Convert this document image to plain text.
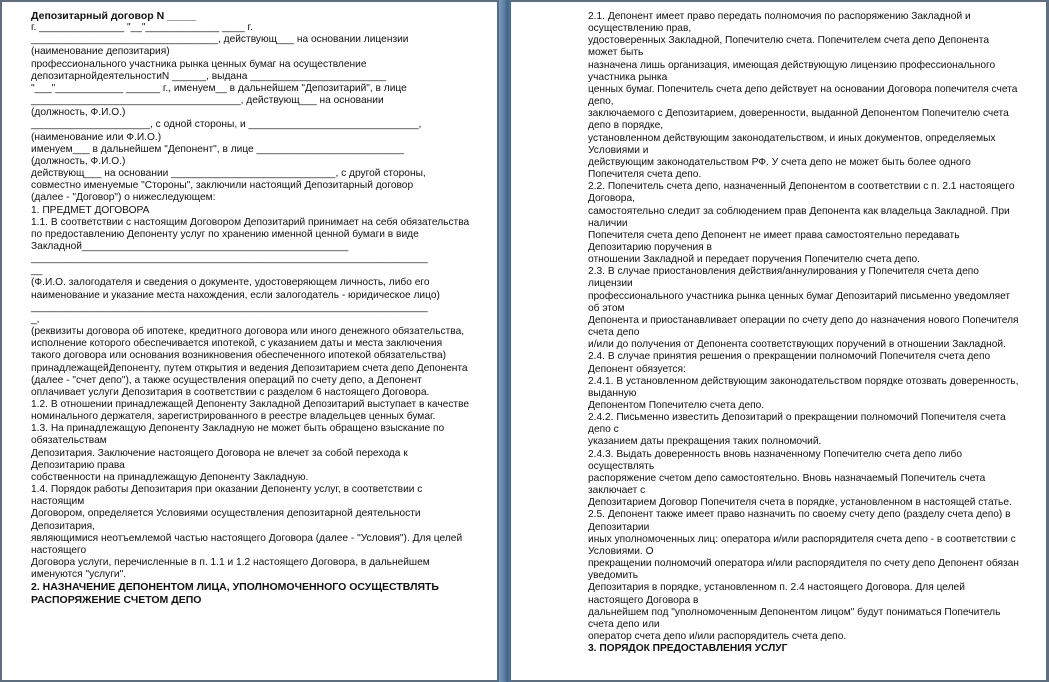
Депозитарный договор N _____

г. _______________ "__"_____________ ____ г.

_________________________________, действующ___ на основании лицензии

(наименование депозитария)

профессионального участника рынка ценных бумаг на осуществление

депозитарнойдеятельностиN ______, выдана ________________________

"___"____________ ______ г., именуем__ в дальнейшем "Депозитарий", в лице

_____________________________________, действующ___ на основании

(должность, Ф.И.О.)

_____________________, с одной стороны, и ______________________________,

(наименование или Ф.И.О.)

именуем___ в дальнейшем "Депонент", в лице __________________________

(должность, Ф.И.О.)

действующ___ на основании _____________________________, с другой стороны,

совместно именуемые "Стороны", заключили настоящий Депозитарный договор

(далее - "Договор") о нижеследующем:

1. ПРЕДМЕТ ДОГОВОРА

1.1. В соответствии с настоящим Договором Депозитарий принимает на себя обязательства по предоставлению Депоненту услуг по хранению именной ценной бумаги в виде Закладной_______________________________________________

______________________________________________________________________

__

(Ф.И.О. залогодателя и сведения о документе, удостоверяющем личность, либо его наименование и указание места нахождения, если залогодатель - юридическое лицо)

______________________________________________________________________

_,

(реквизиты договора об ипотеке, кредитного договора или иного денежного обязательства, исполнение которого обеспечивается ипотекой, с указанием даты и места заключения такого договора или основания возникновения обеспеченного ипотекой обязательства)

принадлежащейДепоненту, путем открытия и ведения Депозитарием счета депо Депонента (далее - "счет депо"), а также осуществления операций по счету депо, а Депонент оплачивает услуги Депозитария в соответствии с разделом 6 настоящего Договора.

1.2. В отношении принадлежащей Депоненту Закладной Депозитарий выступает в качестве

номинального держателя, зарегистрированного в реестре владельцев ценных бумаг.

1.3. На принадлежащую Депоненту Закладную не может быть обращено взыскание по обязательствам

Депозитария. Заключение настоящего Договора не влечет за собой перехода к Депозитарию права

собственности на принадлежащую Депоненту Закладную.

1.4. Порядок работы Депозитария при оказании Депоненту услуг, в соответствии с настоящим

Договором, определяется Условиями осуществления депозитарной деятельности Депозитария,

являющимися неотъемлемой частью настоящего Договора (далее - "Условия"). Для целей настоящего

Договора услуги, перечисленные в п. 1.1 и 1.2 настоящего Договора, в дальнейшем именуются "услуги".

2. НАЗНАЧЕНИЕ ДЕПОНЕНТОМ ЛИЦА, УПОЛНОМОЧЕННОГО ОСУЩЕСТВЛЯТЬ РАСПОРЯЖЕНИЕ СЧЕТОМ ДЕПО

2.1. Депонент имеет право передать полномочия по распоряжению Закладной и осуществлению прав,

удостоверенных Закладной, Попечителю счета. Попечителем счета депо Депонента может быть

назначена лишь организация, имеющая действующую лицензию профессионального участника рынка

ценных бумаг. Попечитель счета депо действует на основании Договора попечителя счета депо,

заключаемого с Депозитарием, доверенности, выданной Депонентом Попечителю счета депо в порядке,

установленном действующим законодательством, и иных документов, определяемых Условиями и

действующим законодательством РФ. У счета депо не может быть более одного Попечителя счета депо.

2.2. Попечитель счета депо, назначенный Депонентом в соответствии с п. 2.1 настоящего Договора,

самостоятельно следит за соблюдением прав Депонента как владельца Закладной. При наличии

Попечителя счета депо Депонент не имеет права самостоятельно передавать Депозитарию поручения в

отношении Закладной и передает поручения Попечителю счета депо.

2.3. В случае приостановления действия/аннулирования у Попечителя счета депо лицензии

профессионального участника рынка ценных бумаг Депозитарий письменно уведомляет об этом

Депонента и приостанавливает операции по счету депо до назначения нового Попечителя счета депо

и/или до получения от Депонента соответствующих поручений в отношении Закладной.

2.4. В случае принятия решения о прекращении полномочий Попечителя счета депо Депонент обязуется:

2.4.1. В установленном действующим законодательством порядке отозвать доверенность, выданную

Депонентом Попечителю счета депо.

2.4.2. Письменно известить Депозитарий о прекращении полномочий Попечителя счета депо с

указанием даты прекращения таких полномочий.

2.4.3. Выдать доверенность вновь назначенному Попечителю счета депо либо осуществлять

распоряжение счетом депо самостоятельно. Вновь назначаемый Попечитель счета заключает с

Депозитарием Договор Попечителя счета в порядке, установленном в настоящей статье.

2.5. Депонент также имеет право назначить по своему счету депо (разделу счета депо) в Депозитарии

иных уполномоченных лиц: оператора и/или распорядителя счета депо - в соответствии с Условиями. О

прекращении полномочий оператора и/или распорядителя по счету депо Депонент обязан уведомить

Депозитария в порядке, установленном п. 2.4 настоящего Договора. Для целей настоящего Договора в

дальнейшем под "уполномоченным Депонентом лицом" будут пониматься Попечитель счета депо или

оператор счета депо и/или распорядитель счета депо.

3. ПОРЯДОК ПРЕДОСТАВЛЕНИЯ УСЛУГ
